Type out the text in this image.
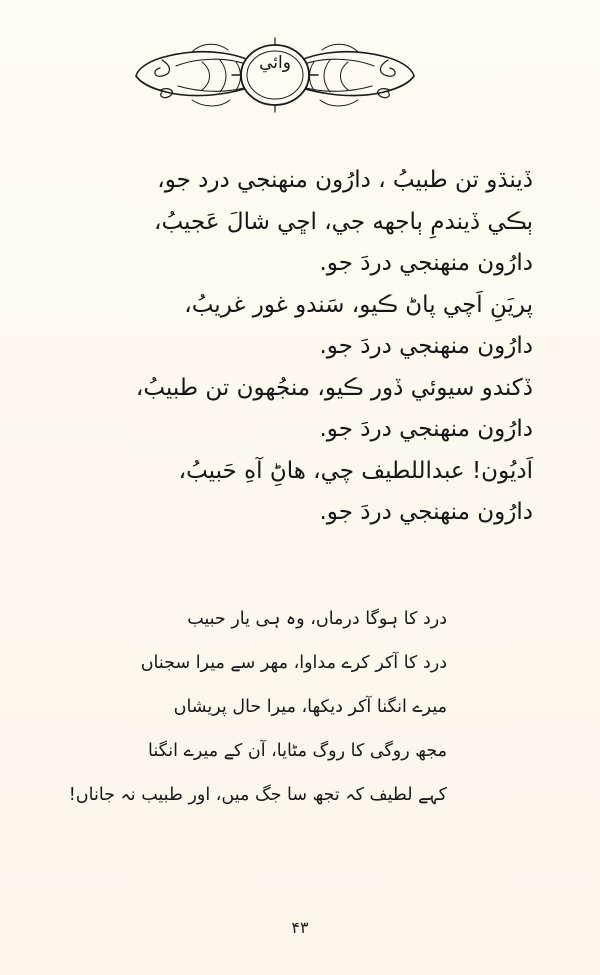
وائي
ڏينڌو تن طبيبُ ، دارُون منهنجي درد جو،
ٻڪي ڏيندمِ ٻاجهه جي، اڇي شالَ عَجيبُ،
دارُون منهنجي دردَ جو.
پريَنِ اَچي پاڻ ڪيو، سَندو غور غريبُ،
دارُون منهنجي دردَ جو.
ڏکندو سيوئي ڏور ڪيو، منجُھون تن طبيبُ،
دارُون منهنجي دردَ جو.
اَديُون! عبداللطيف چي، هاڻِ آهِ حَبيبُ،
دارُون منهنجي دردَ جو.
درد کا ہوگا درماں، وہ ہی یار حبیب
درد کا آکر کرے مداوا، مھر سے میرا سجناں
میرے انگنا آکر دیکھا، میرا حال پریشاں
مجھ روگی کا روگ مٹایا، آن کے میرے انگنا
کہے لطیف کہ تجھ سا جگ میں، اور طبیب نہ جاناں!
۴۳
